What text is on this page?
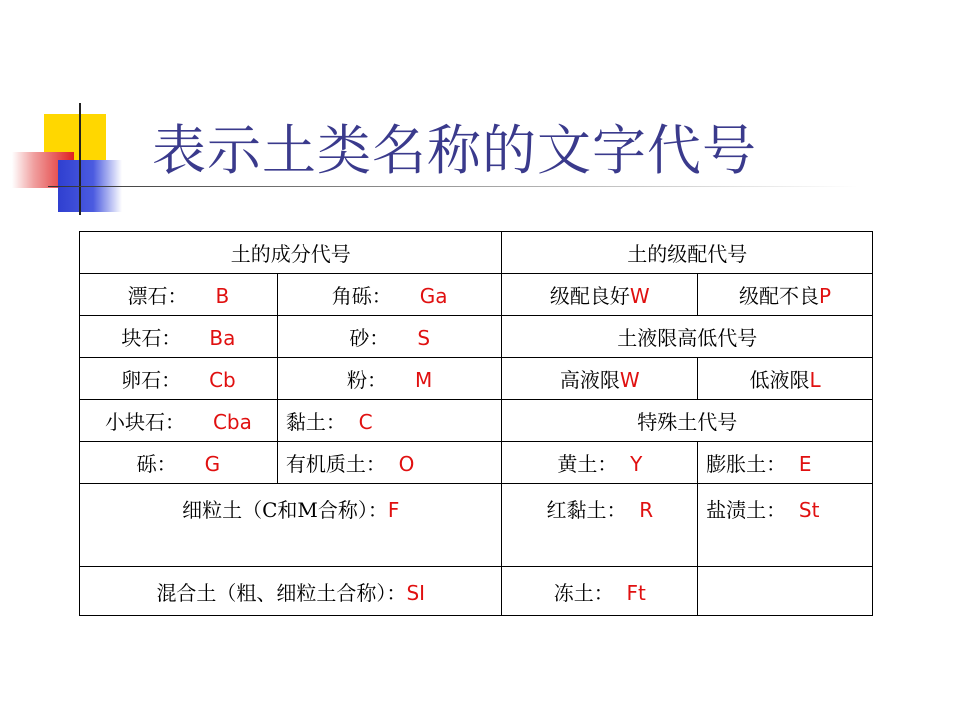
表示土类名称的文字代号
土的成分代号		土的级配代号	
漂石： B	角砾： Ga	级配良好W	级配不良P
块石： Ba	砂： S	土液限高低代号	
卵石： Cb	粉： M	高液限W	低液限L
小块石： Cba	黏土： C	特殊土代号	
砾： G	有机质土： O	黄土： Y	膨胀土： E
细粒土（C和M合称）：F		红黏土： R	盐渍土： St
混合土（粗、细粒土合称）：SI		冻土： Ft	
